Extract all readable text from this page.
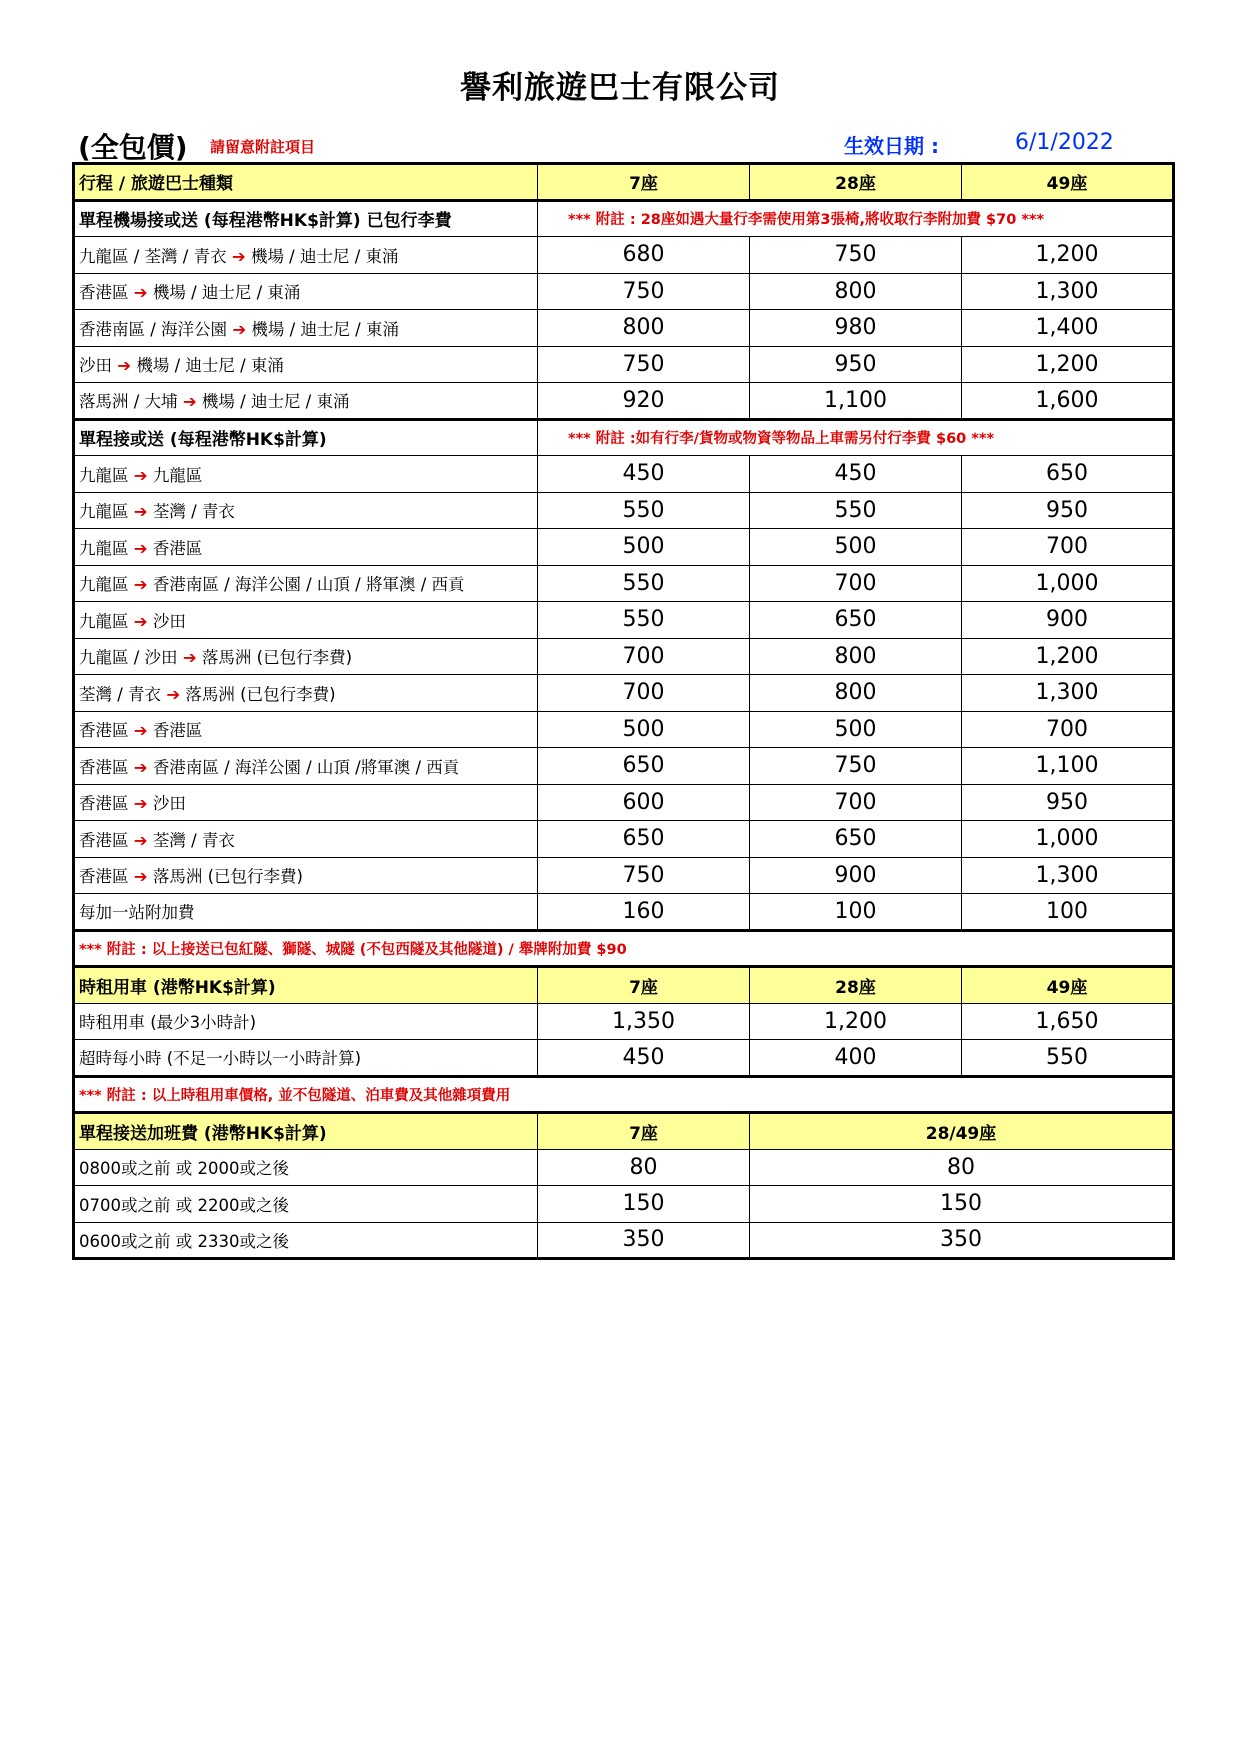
譽利旅遊巴士有限公司
(全包價) 請留意附註項目	生效日期 :	6/1/2022
行程 / 旅遊巴士種類	7座	28座	49座
單程機場接或送 (每程港幣HK$計算) 已包行李費	*** 附註 : 28座如遇大量行李需使用第3張椅,將收取行李附加費 $70 ***		
九龍區 / 荃灣 / 青衣 ➔ 機場 / 迪士尼 / 東涌	680	750	1,200
香港區 ➔ 機場 / 迪士尼 / 東涌	750	800	1,300
香港南區 / 海洋公園 ➔ 機場 / 迪士尼 / 東涌	800	980	1,400
沙田 ➔ 機場 / 迪士尼 / 東涌	750	950	1,200
落馬洲 / 大埔 ➔ 機場 / 迪士尼 / 東涌	920	1,100	1,600
單程接或送 (每程港幣HK$計算)	*** 附註 :如有行李/貨物或物資等物品上車需另付行李費 $60 ***		
九龍區 ➔ 九龍區	450	450	650
九龍區 ➔ 荃灣 / 青衣	550	550	950
九龍區 ➔ 香港區	500	500	700
九龍區 ➔ 香港南區 / 海洋公園 / 山頂 / 將軍澳 / 西貢	550	700	1,000
九龍區 ➔ 沙田	550	650	900
九龍區 / 沙田 ➔ 落馬洲 (已包行李費)	700	800	1,200
荃灣 / 青衣 ➔ 落馬洲 (已包行李費)	700	800	1,300
香港區 ➔ 香港區	500	500	700
香港區 ➔ 香港南區 / 海洋公園 / 山頂 /將軍澳 / 西貢	650	750	1,100
香港區 ➔ 沙田	600	700	950
香港區 ➔ 荃灣 / 青衣	650	650	1,000
香港區 ➔ 落馬洲 (已包行李費)	750	900	1,300
每加一站附加費	160	100	100
*** 附註 : 以上接送已包紅隧、獅隧、城隧 (不包西隧及其他隧道) / 舉牌附加費 $90			
時租用車 (港幣HK$計算)	7座	28座	49座
時租用車 (最少3小時計)	1,350	1,200	1,650
超時每小時 (不足一小時以一小時計算)	450	400	550
*** 附註 : 以上時租用車價格, 並不包隧道、泊車費及其他雜項費用			
單程接送加班費 (港幣HK$計算)	7座	28/49座	
0800或之前 或 2000或之後	80	80	
0700或之前 或 2200或之後	150	150	
0600或之前 或 2330或之後	350	350	
